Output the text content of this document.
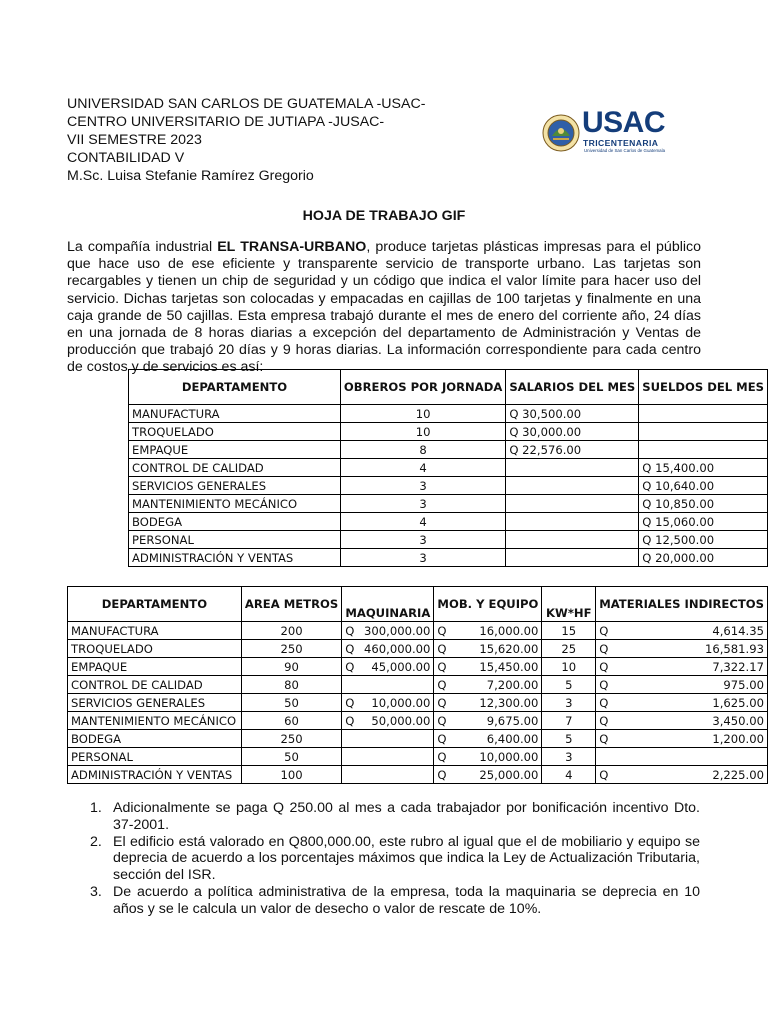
UNIVERSIDAD SAN CARLOS DE GUATEMALA -USAC-
CENTRO UNIVERSITARIO DE JUTIAPA -JUSAC-
VII SEMESTRE 2023
CONTABILIDAD V
M.Sc. Luisa Stefanie Ramírez Gregorio
USAC
TRICENTENARIA
Universidad de San Carlos de Guatemala
HOJA DE TRABAJO GIF
La compañía industrial EL TRANSA-URBANO, produce tarjetas plásticas impresas para el público que hace uso de ese eficiente y transparente servicio de transporte urbano. Las tarjetas son recargables y tienen un chip de seguridad y un código que indica el valor límite para hacer uso del servicio. Dichas tarjetas son colocadas y empacadas en cajillas de 100 tarjetas y finalmente en una caja grande de 50 cajillas. Esta empresa trabajó durante el mes de enero del corriente año, 24 días en una jornada de 8 horas diarias a excepción del departamento de Administración y Ventas de producción que trabajó 20 días y 9 horas diarias. La información correspondiente para cada centro de costos y de servicios es así:
DEPARTAMENTO	OBREROS POR JORNADA	SALARIOS DEL MES	SUELDOS DEL MES
MANUFACTURA	10	Q 30,500.00	
TROQUELADO	10	Q 30,000.00	
EMPAQUE	8	Q 22,576.00	
CONTROL DE CALIDAD	4		Q 15,400.00
SERVICIOS GENERALES	3		Q 10,640.00
MANTENIMIENTO MECÁNICO	3		Q 10,850.00
BODEGA	4		Q 15,060.00
PERSONAL	3		Q 12,500.00
ADMINISTRACIÓN Y VENTAS	3		Q 20,000.00
DEPARTAMENTO	AREA METROS	MAQUINARIA	MOB. Y EQUIPO	KW*HF	MATERIALES INDIRECTOS
MANUFACTURA	200	Q 300,000.00	Q 16,000.00	15	Q 4,614.35

TROQUELADO	250	Q 460,000.00	Q 15,620.00	25	Q 16,581.93

EMPAQUE	90	Q 45,000.00	Q 15,450.00	10	Q 7,322.17

CONTROL DE CALIDAD	80		Q 7,200.00	5	Q 975.00

SERVICIOS GENERALES	50	Q 10,000.00	Q 12,300.00	3	Q 1,625.00

MANTENIMIENTO MECÁNICO	60	Q 50,000.00	Q 9,675.00	7	Q 3,450.00

BODEGA	250		Q 6,400.00	5	Q 1,200.00

PERSONAL	50		Q 10,000.00	3	

ADMINISTRACIÓN Y VENTAS	100		Q 25,000.00	4	Q 2,225.00
1. Adicionalmente se paga Q 250.00 al mes a cada trabajador por bonificación incentivo Dto. 37-2001.
2. El edificio está valorado en Q800,000.00, este rubro al igual que el de mobiliario y equipo se deprecia de acuerdo a los porcentajes máximos que indica la Ley de Actualización Tributaria, sección del ISR.
3. De acuerdo a política administrativa de la empresa, toda la maquinaria se deprecia en 10 años y se le calcula un valor de desecho o valor de rescate de 10%.
